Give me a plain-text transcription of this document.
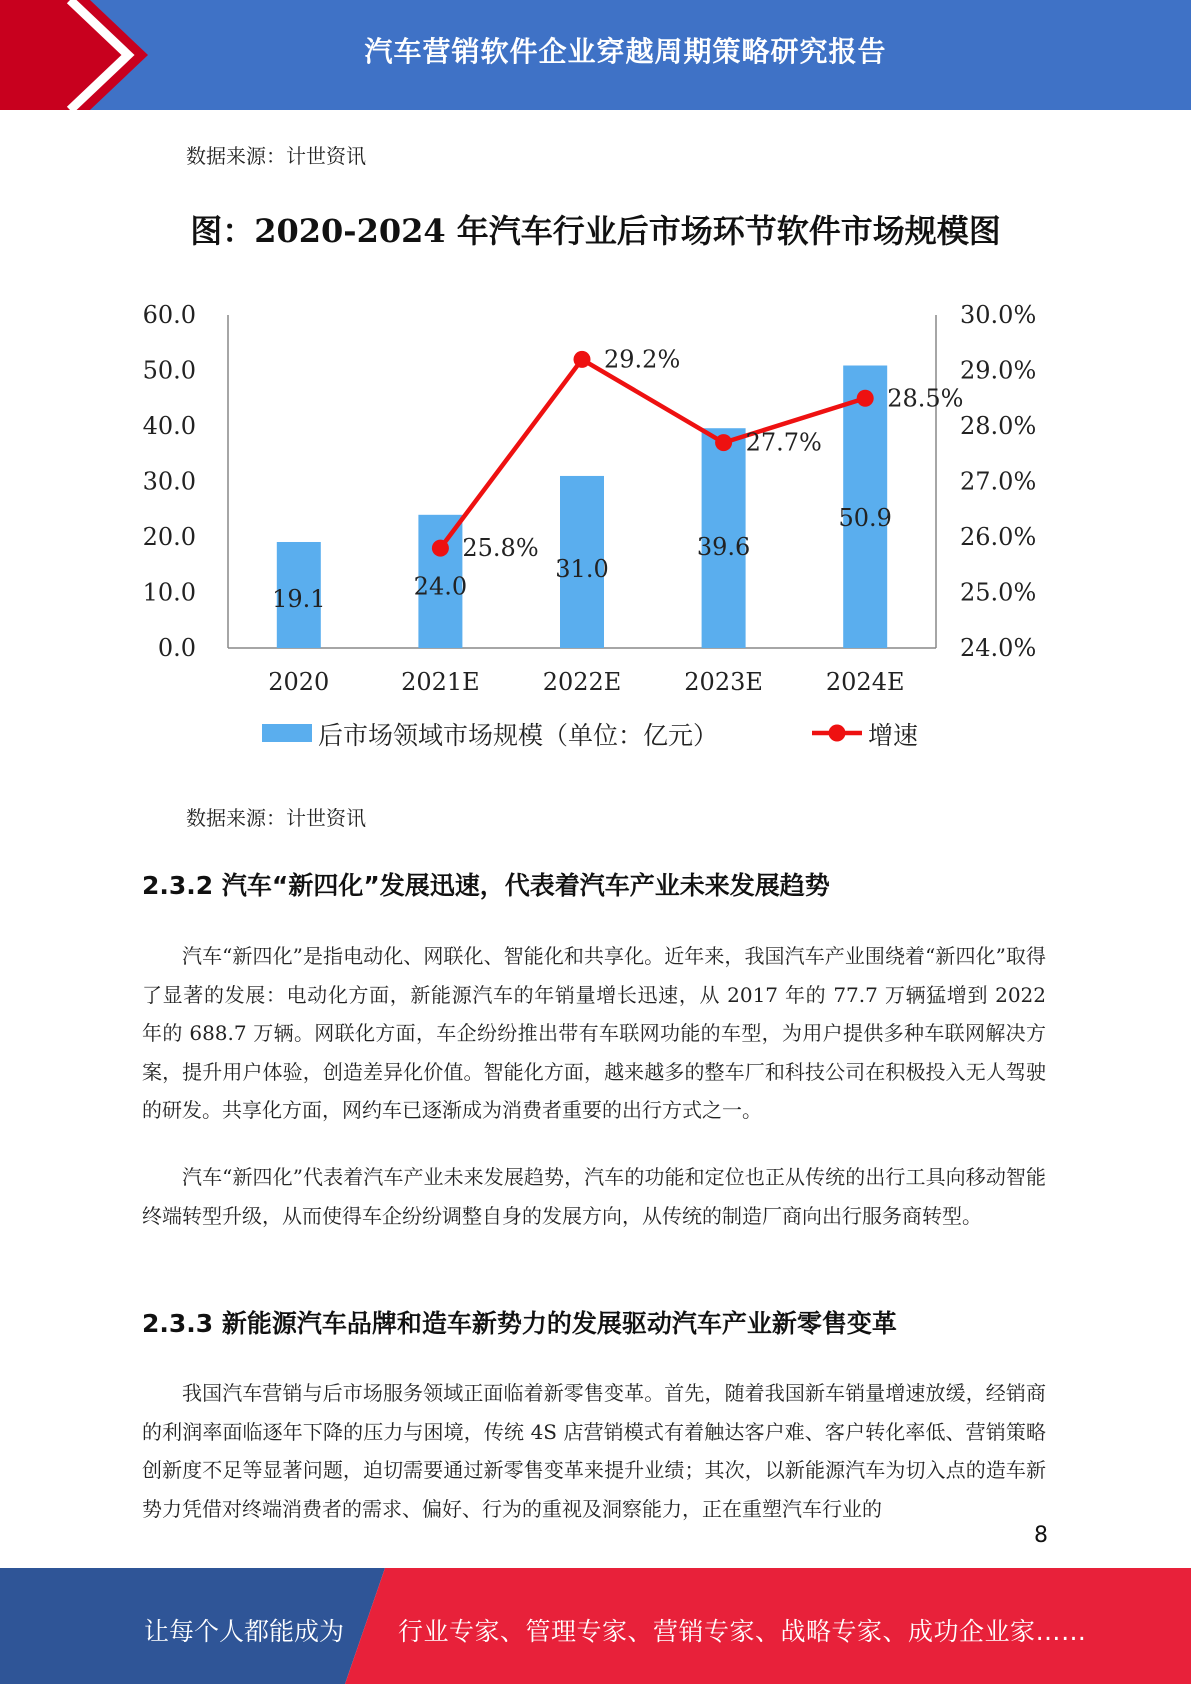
汽车营销软件企业穿越周期策略研究报告
数据来源：计世资讯
图：2020-2024 年汽车行业后市场环节软件市场规模图
0.0
10.0
20.0
30.0
40.0
50.0
60.0
24.0%
25.0%
26.0%
27.0%
28.0%
29.0%
30.0%
2020	2021E	2022E	2023E	2024E
19.1	24.0
31.0
39.6
50.9
25.8%
29.2%
27.7%
28.5%
后市场领域市场规模（单位：亿元）	增速
数据来源：计世资讯
2.3.2 汽车“新四化”发展迅速，代表着汽车产业未来发展趋势

汽车“新四化”是指电动化、网联化、智能化和共享化。近年来，我国汽车产业围绕着“新四化”取得了显著的发展：电动化方面，新能源汽车的年销量增长迅速，从 2017 年的 77.7 万辆猛增到 2022 年的 688.7 万辆。网联化方面，车企纷纷推出带有车联网功能的车型，为用户提供多种车联网解决方案，提升用户体验，创造差异化价值。智能化方面，越来越多的整车厂和科技公司在积极投入无人驾驶的研发。共享化方面，网约车已逐渐成为消费者重要的出行方式之一。

汽车“新四化”代表着汽车产业未来发展趋势，汽车的功能和定位也正从传统的出行工具向移动智能终端转型升级，从而使得车企纷纷调整自身的发展方向，从传统的制造厂商向出行服务商转型。

2.3.3 新能源汽车品牌和造车新势力的发展驱动汽车产业新零售变革

我国汽车营销与后市场服务领域正面临着新零售变革。首先，随着我国新车销量增速放缓，经销商的利润率面临逐年下降的压力与困境，传统 4S 店营销模式有着触达客户难、客户转化率低、营销策略创新度不足等显著问题，迫切需要通过新零售变革来提升业绩；其次，以新能源汽车为切入点的造车新势力凭借对终端消费者的需求、偏好、行为的重视及洞察能力，正在重塑汽车行业的

8
让每个人都能成为 行业专家、管理专家、营销专家、战略专家、成功企业家……
